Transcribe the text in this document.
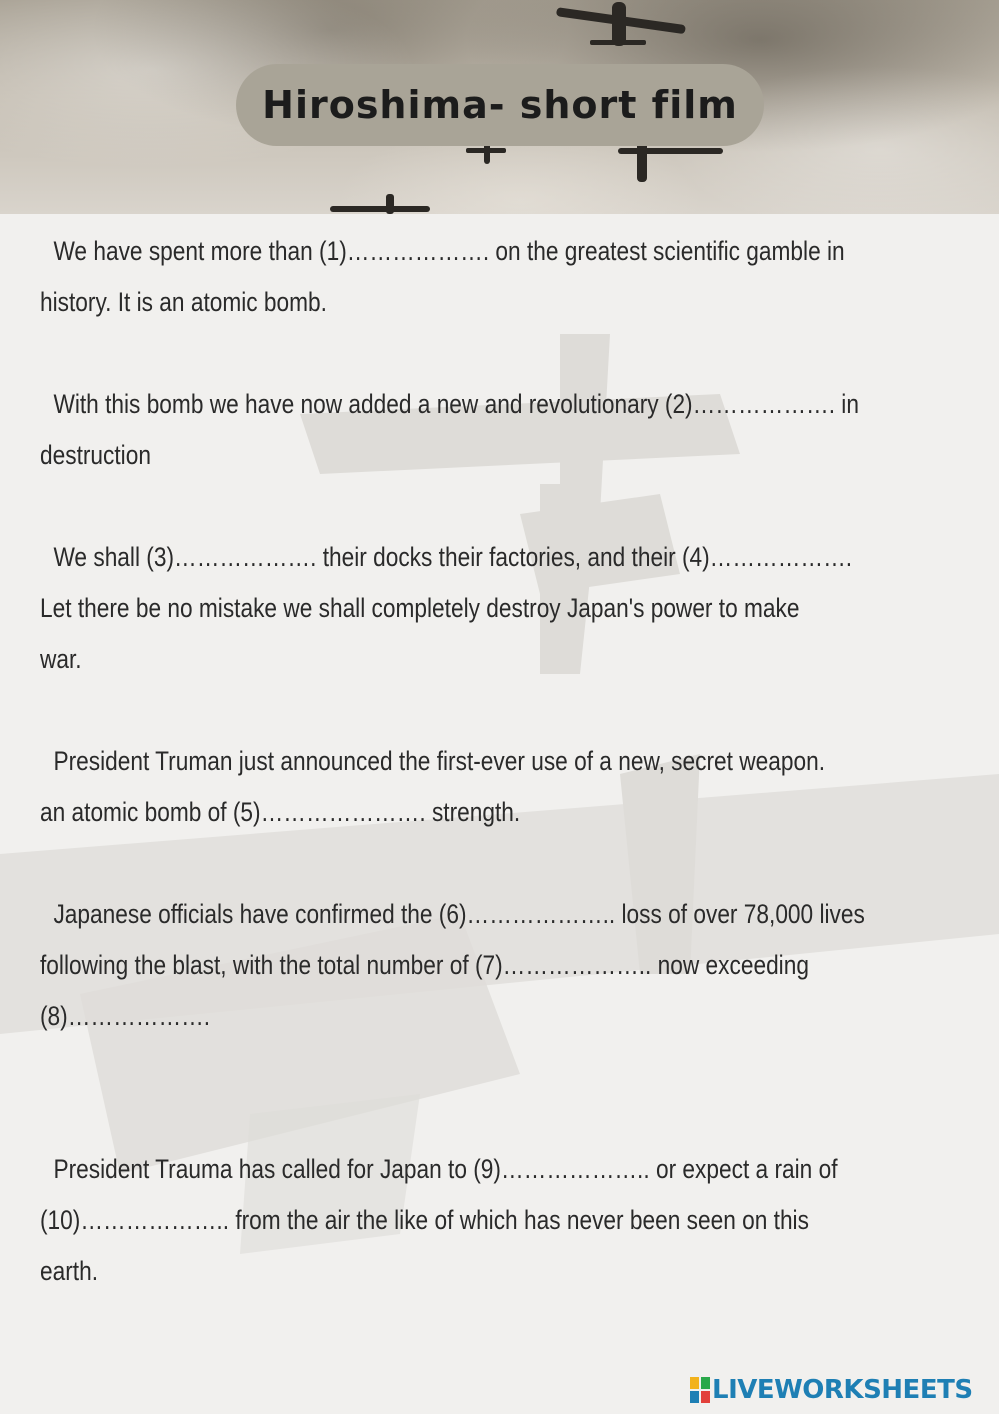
Hiroshima- short film

We have spent more than (1)………………. on the greatest scientific gamble in

history. It is an atomic bomb.

With this bomb we have now added a new and revolutionary (2)………………. in

destruction

We shall (3)………………. their docks their factories, and their (4)……………….

Let there be no mistake we shall completely destroy Japan's power to make

war.

President Truman just announced the first-ever use of a new, secret weapon.

an atomic bomb of (5)…………………. strength.

Japanese officials have confirmed the (6)……………….. loss of over 78,000 lives

following the blast, with the total number of (7)……………….. now exceeding

(8)……………….

President Trauma has called for Japan to (9)……………….. or expect a rain of

(10)……………….. from the air the like of which has never been seen on this

earth.

LIVEWORKSHEETS
